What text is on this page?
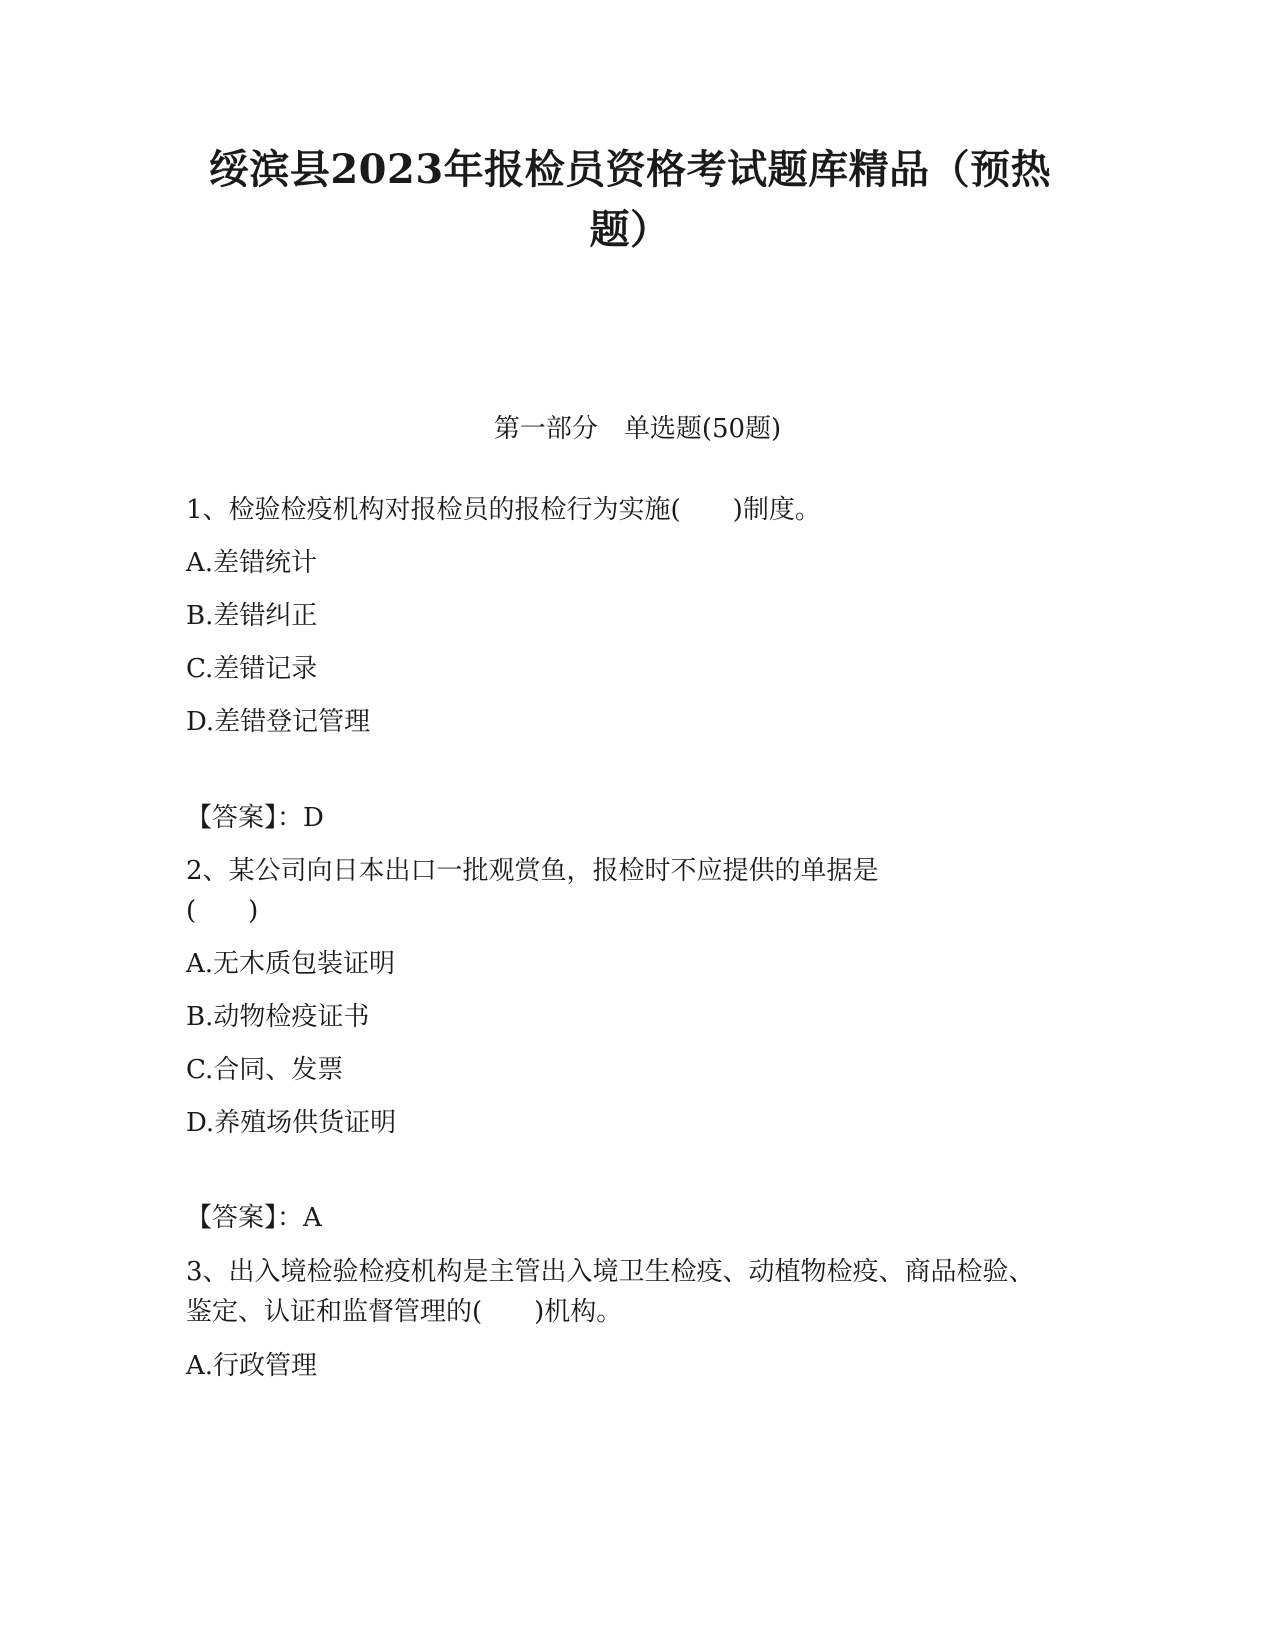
绥滨县2023年报检员资格考试题库精品（预热题）
第一部分　单选题(50题)
1、检验检疫机构对报检员的报检行为实施(　　)制度。
A.差错统计
B.差错纠正
C.差错记录
D.差错登记管理
【答案】：D
2、某公司向日本出口一批观赏鱼，报检时不应提供的单据是(　　)
A.无木质包装证明
B.动物检疫证书
C.合同、发票
D.养殖场供货证明
【答案】：A
3、出入境检验检疫机构是主管出入境卫生检疫、动植物检疫、商品检验、鉴定、认证和监督管理的(　　)机构。
A.行政管理
